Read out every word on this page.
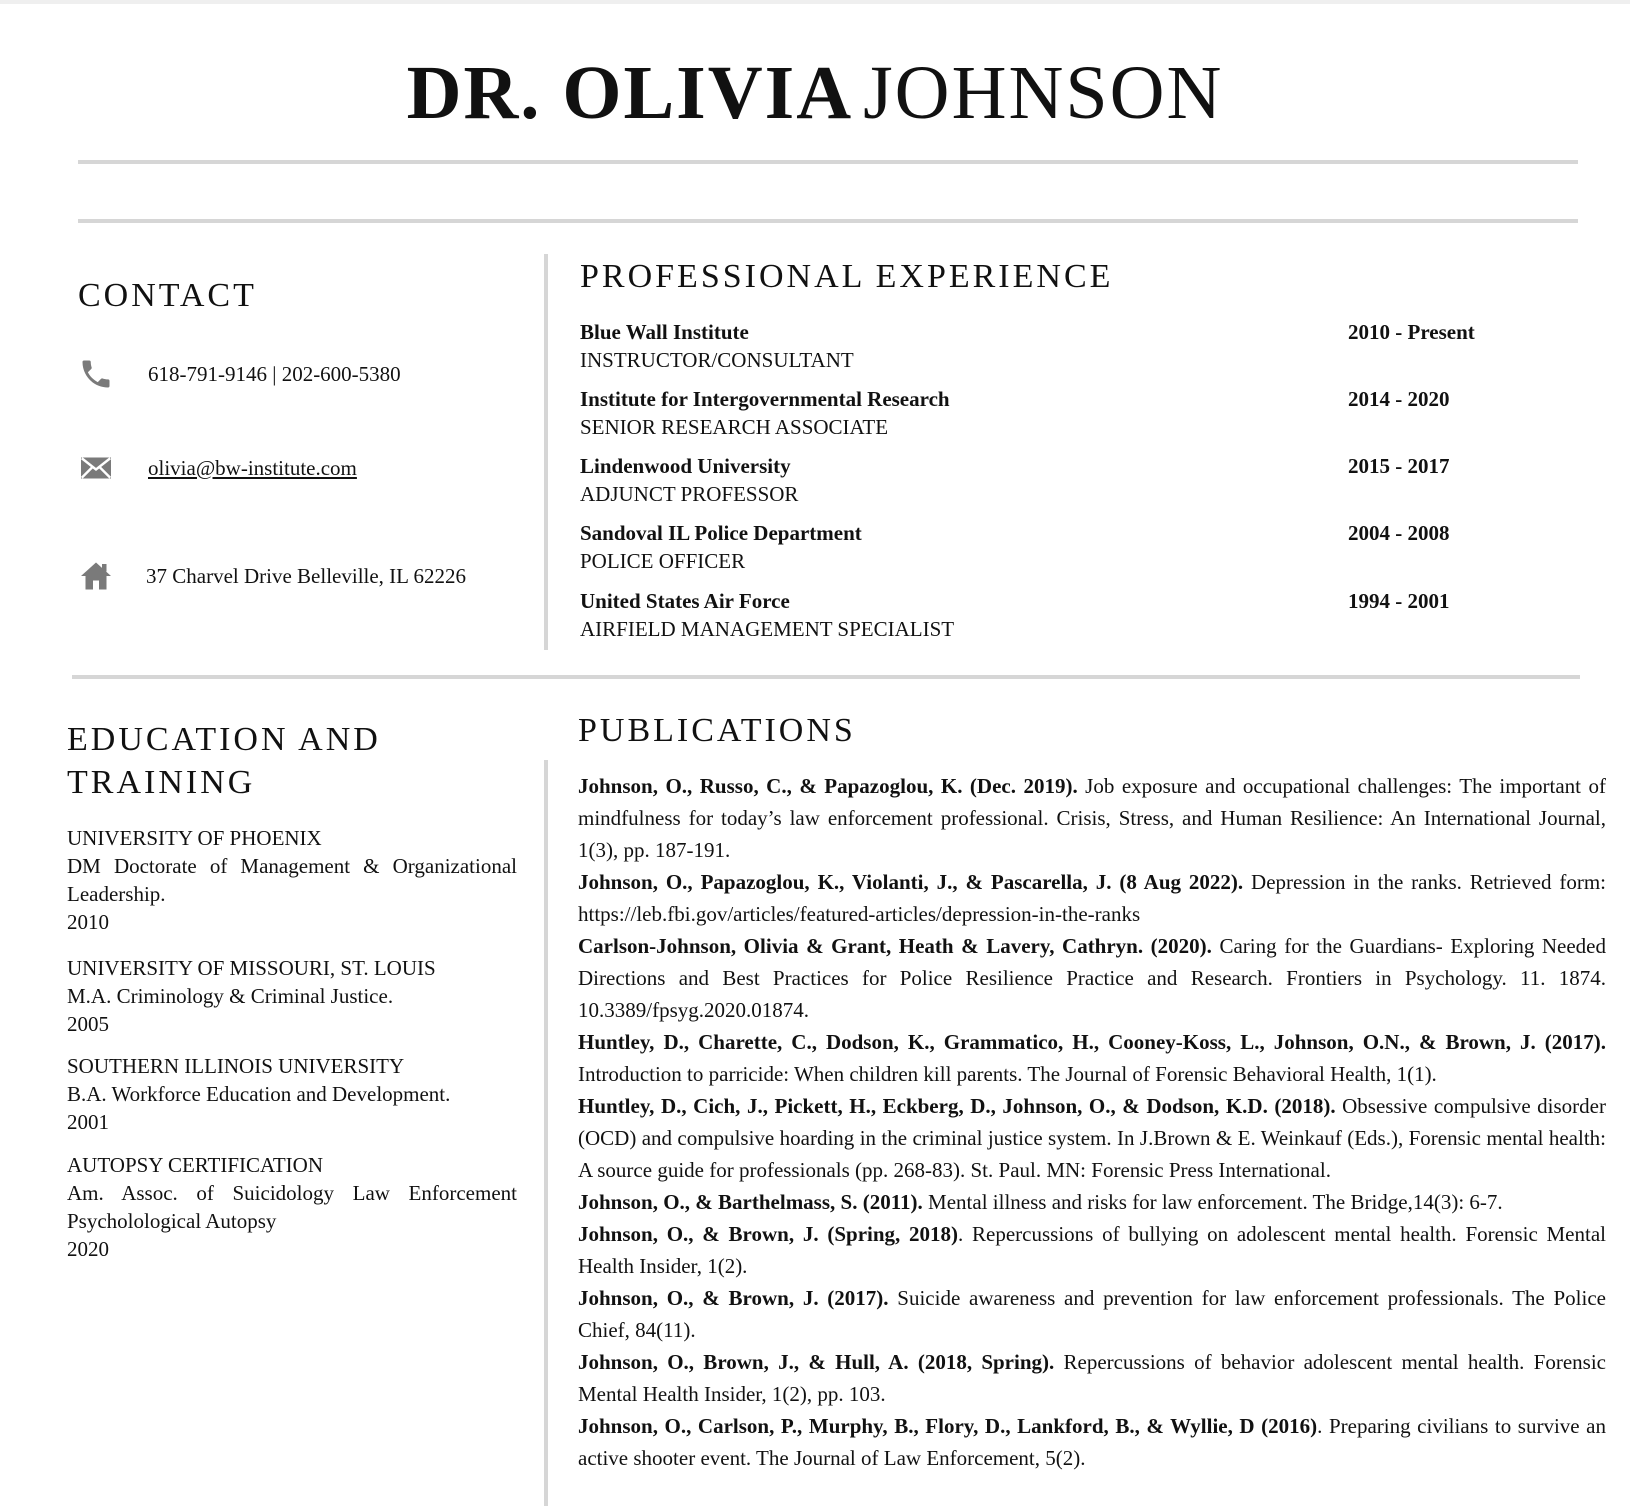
DR. OLIVIA JOHNSON
CONTACT
618-791-9146 | 202-600-5380
olivia@bw-institute.com
37 Charvel Drive Belleville, IL 62226
PROFESSIONAL EXPERIENCE
Blue Wall Institute
INSTRUCTOR/CONSULTANT
2010 - Present
Institute for Intergovernmental Research
SENIOR RESEARCH ASSOCIATE
2014 - 2020
Lindenwood University
ADJUNCT PROFESSOR
2015 - 2017
Sandoval IL Police Department
POLICE OFFICER
2004 - 2008
United States Air Force
AIRFIELD MANAGEMENT SPECIALIST
1994 - 2001
EDUCATION AND
TRAINING
UNIVERSITY OF PHOENIX
DM Doctorate of Management & Organizational Leadership.
2010
UNIVERSITY OF MISSOURI, ST. LOUIS
M.A. Criminology & Criminal Justice.
2005
SOUTHERN ILLINOIS UNIVERSITY
B.A. Workforce Education and Development.
2001
AUTOPSY CERTIFICATION
Am. Assoc. of Suicidology Law Enforcement Psycholological Autopsy
2020
PUBLICATIONS

Johnson, O., Russo, C., & Papazoglou, K. (Dec. 2019). Job exposure and occupational challenges: The important of mindfulness for today’s law enforcement professional. Crisis, Stress, and Human Resilience: An International Journal, 1(3), pp. 187-191.

Johnson, O., Papazoglou, K., Violanti, J., & Pascarella, J. (8 Aug 2022). Depression in the ranks. Retrieved form: https://leb.fbi.gov/articles/featured-articles/depression-in-the-ranks

Carlson-Johnson, Olivia & Grant, Heath & Lavery, Cathryn. (2020). Caring for the Guardians- Exploring Needed Directions and Best Practices for Police Resilience Practice and Research. Frontiers in Psychology. 11. 1874. 10.3389/fpsyg.2020.01874.

Huntley, D., Charette, C., Dodson, K., Grammatico, H., Cooney-Koss, L., Johnson, O.N., & Brown, J. (2017). Introduction to parricide: When children kill parents. The Journal of Forensic Behavioral Health, 1(1).

Huntley, D., Cich, J., Pickett, H., Eckberg, D., Johnson, O., & Dodson, K.D. (2018). Obsessive compulsive disorder (OCD) and compulsive hoarding in the criminal justice system. In J.Brown & E. Weinkauf (Eds.), Forensic mental health: A source guide for professionals (pp. 268-83). St. Paul. MN: Forensic Press International.

Johnson, O., & Barthelmass, S. (2011). Mental illness and risks for law enforcement. The Bridge,14(3): 6-7.

Johnson, O., & Brown, J. (Spring, 2018). Repercussions of bullying on adolescent mental health. Forensic Mental Health Insider, 1(2).

Johnson, O., & Brown, J. (2017). Suicide awareness and prevention for law enforcement professionals. The Police Chief, 84(11).

Johnson, O., Brown, J., & Hull, A. (2018, Spring). Repercussions of behavior adolescent mental health. Forensic Mental Health Insider, 1(2), pp. 103.

Johnson, O., Carlson, P., Murphy, B., Flory, D., Lankford, B., & Wyllie, D (2016). Preparing civilians to survive an active shooter event. The Journal of Law Enforcement, 5(2).
